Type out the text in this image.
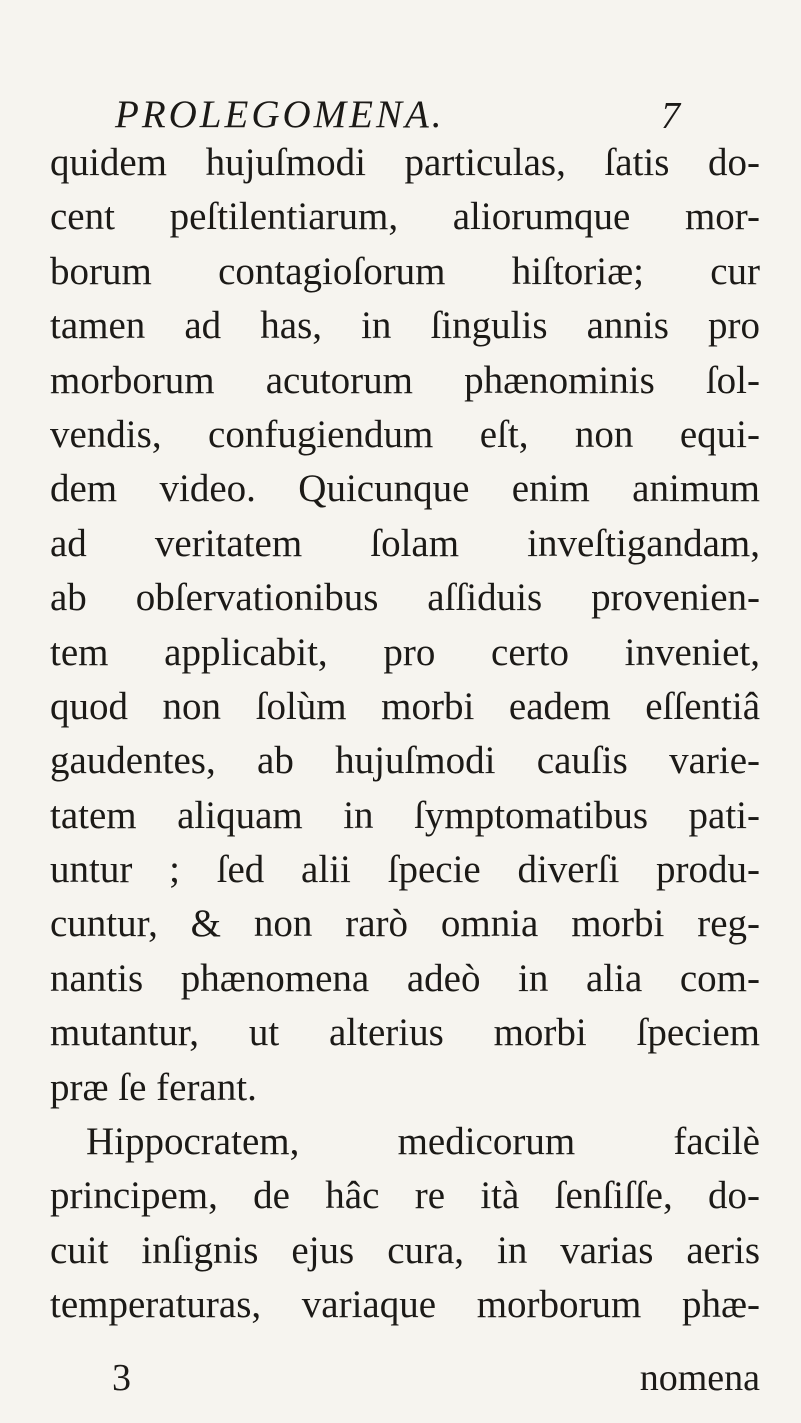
PROLEGOMENA.	7
quidem hujuſmodi particulas, ſatis do-
cent peſtilentiarum, aliorumque mor-
borum contagioſorum hiſtoriæ; cur
tamen ad has, in ſingulis annis pro
morborum acutorum phænominis ſol-
vendis, confugiendum eſt, non equi-
dem video. Quicunque enim animum
ad veritatem ſolam inveſtigandam,
ab obſervationibus aſſiduis provenien-
tem applicabit, pro certo inveniet,
quod non ſolùm morbi eadem eſſentiâ
gaudentes, ab hujuſmodi cauſis varie-
tatem aliquam in ſymptomatibus pati-
untur ; ſed alii ſpecie diverſi produ-
cuntur, & non rarò omnia morbi reg-
nantis phænomena adeò in alia com-
mutantur, ut alterius morbi ſpeciem
præ ſe ferant.
Hippocratem, medicorum facilè
principem, de hâc re ità ſenſiſſe, do-
cuit inſignis ejus cura, in varias aeris
temperaturas, variaque morborum phæ-
3	nomena
